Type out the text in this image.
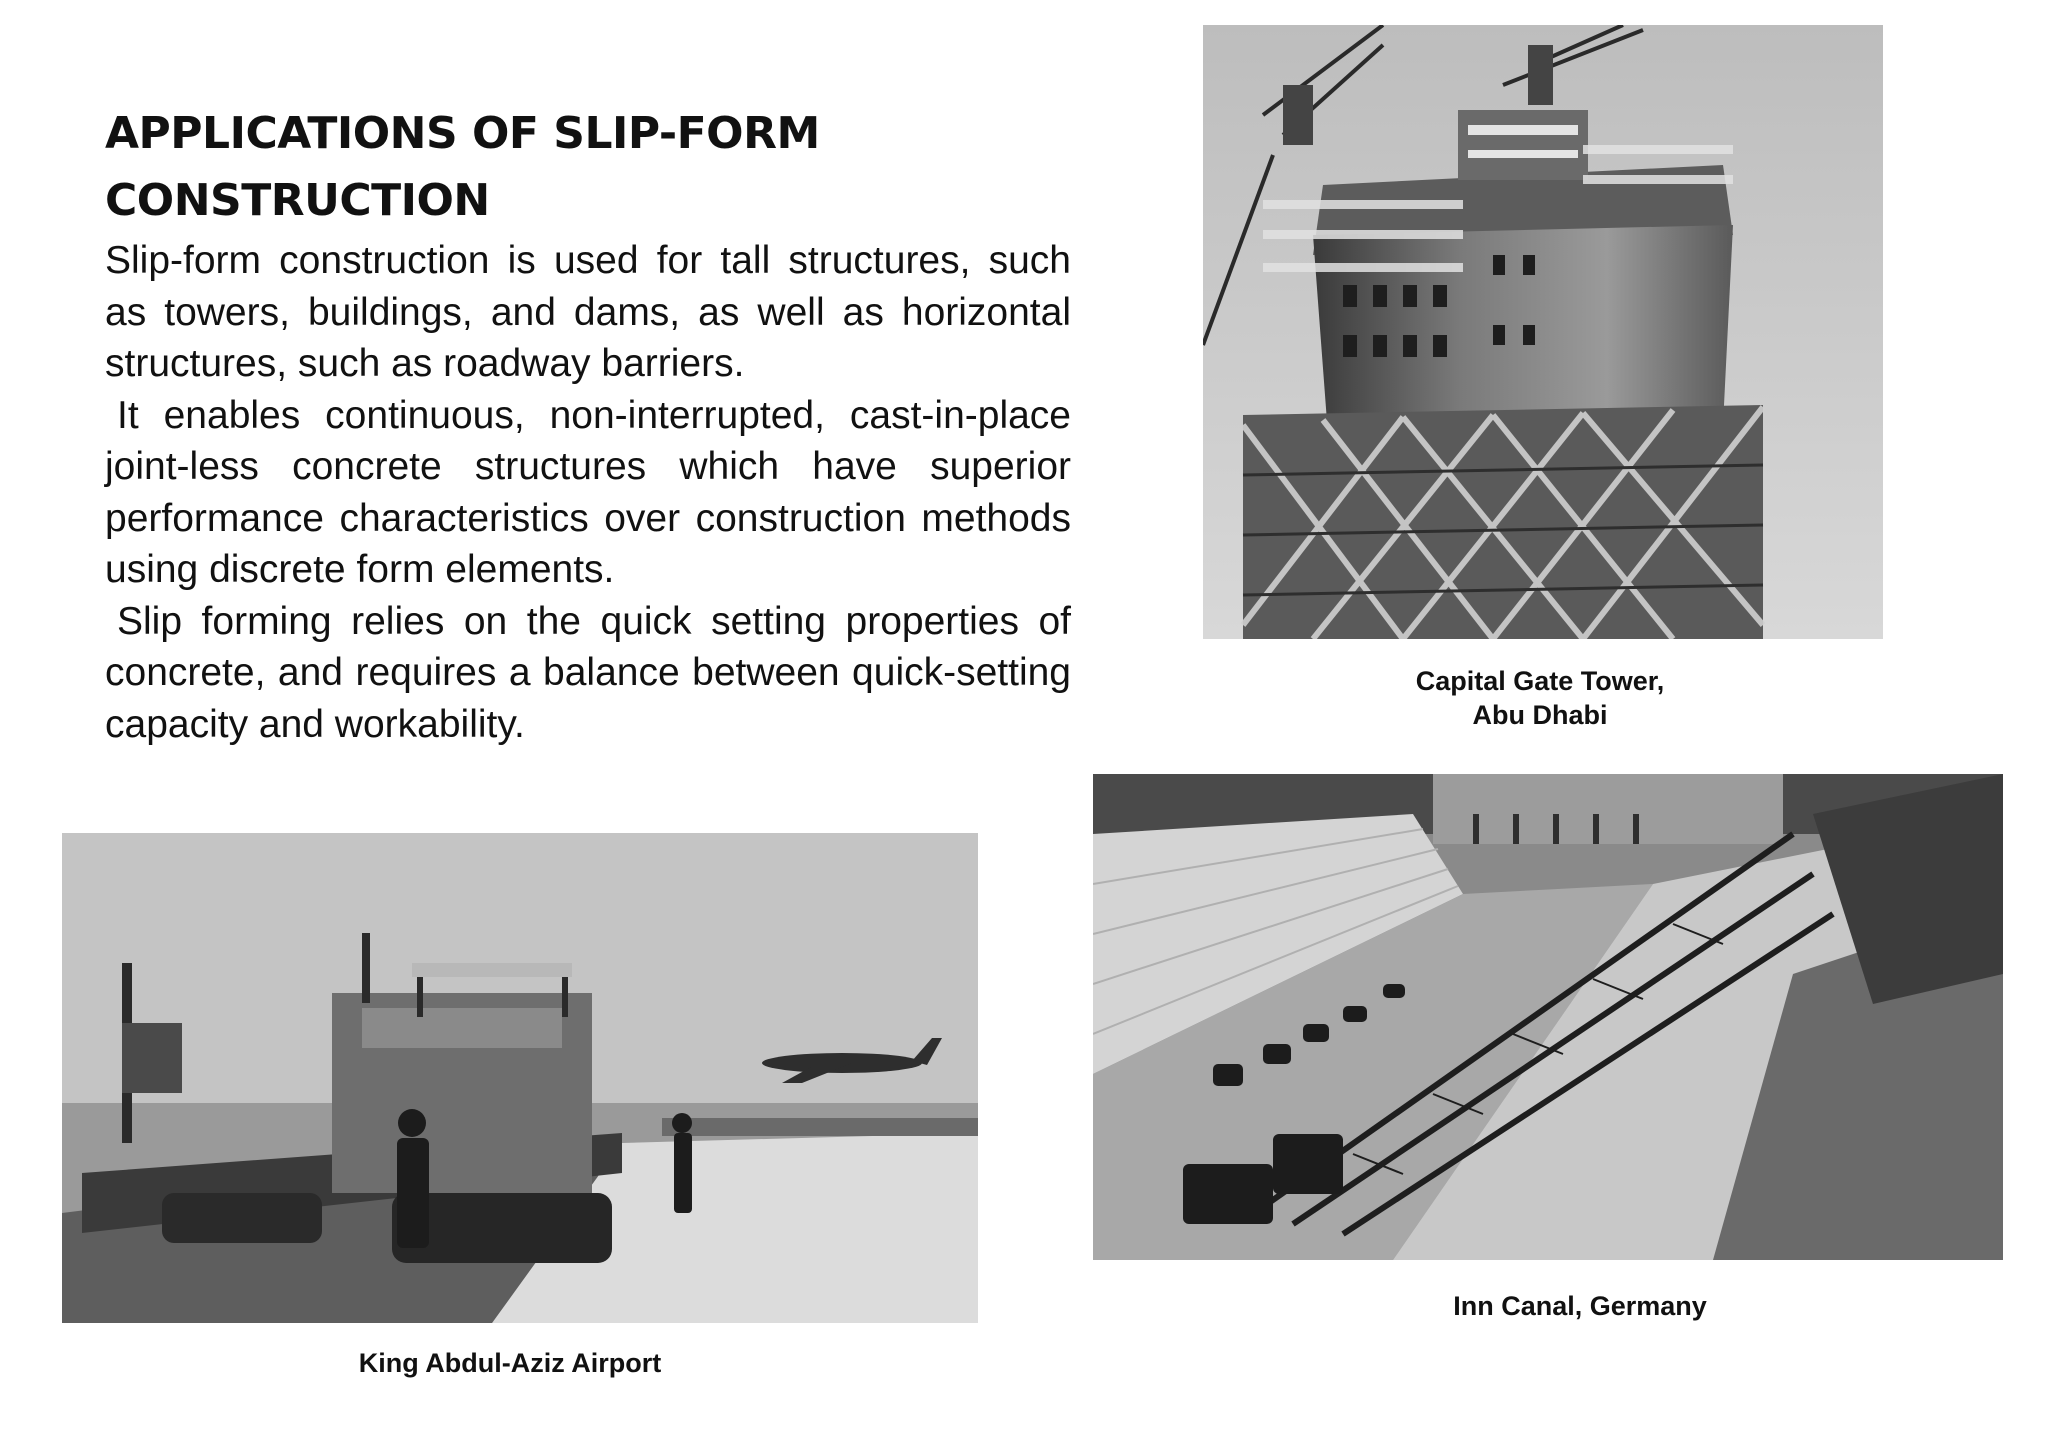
APPLICATIONS OF SLIP-FORM
CONSTRUCTION

Slip-form construction is used for tall structures, such as towers, buildings, and dams, as well as horizontal structures, such as roadway barriers.

It enables continuous, non-interrupted, cast-in-place joint-less concrete structures which have superior performance characteristics over construction methods using discrete form elements.

Slip forming relies on the quick setting properties of concrete, and requires a balance between quick-setting capacity and workability.

Capital Gate Tower,
Abu Dhabi
King Abdul-Aziz Airport
Inn Canal, Germany
